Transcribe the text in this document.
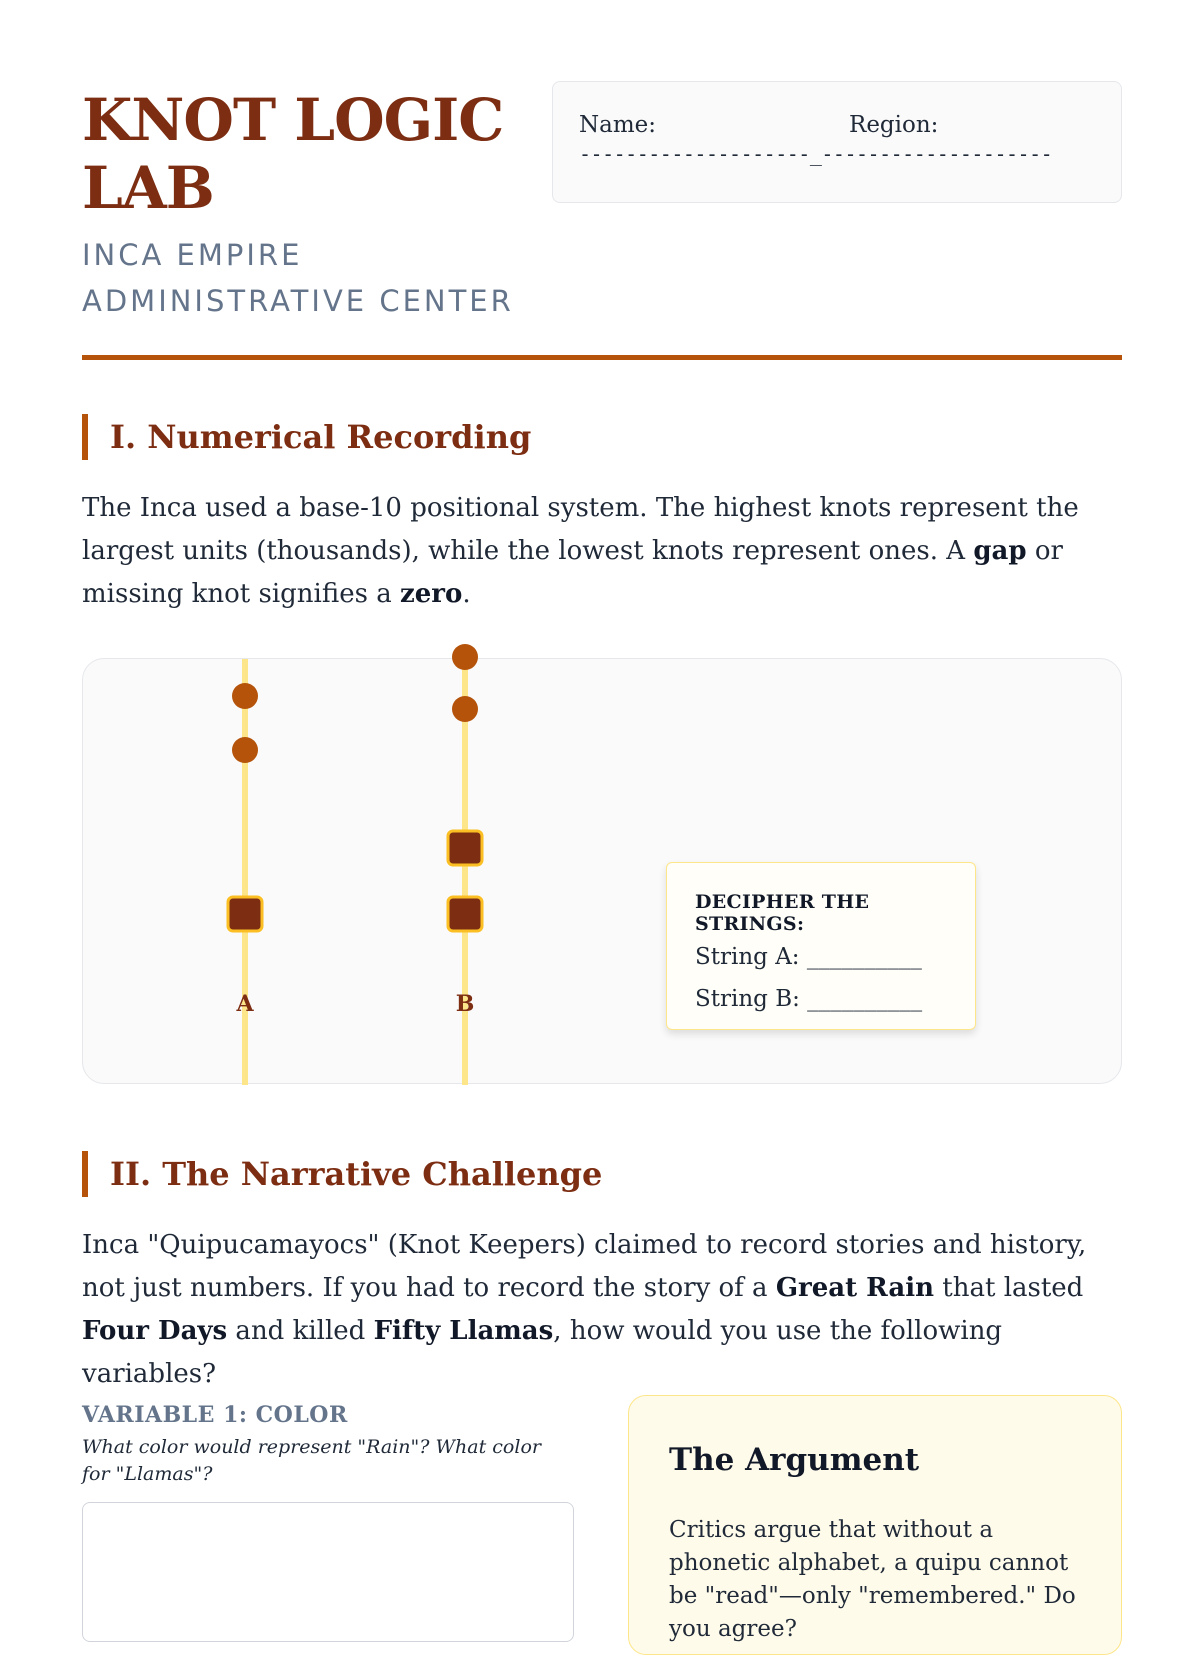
KNOT LOGIC
LAB
INCA EMPIRE
ADMINISTRATIVE CENTER
Name:	Region:
--------------------_--------------------
I. Numerical Recording

The Inca used a base-10 positional system. The highest knots represent the largest units (thousands), while the lowest knots represent ones. A gap or missing knot signifies a zero.

A	B
DECIPHER THE STRINGS:
String A: __________
String B: __________
II. The Narrative Challenge

Inca "Quipucamayocs" (Knot Keepers) claimed to record stories and history, not just numbers. If you had to record the story of a Great Rain that lasted Four Days and killed Fifty Llamas, how would you use the following variables?

VARIABLE 1: COLOR
What color would represent "Rain"? What color for "Llamas"?	The Argument
Critics argue that without a phonetic alphabet, a quipu cannot be "read"—only "remembered." Do you agree?
